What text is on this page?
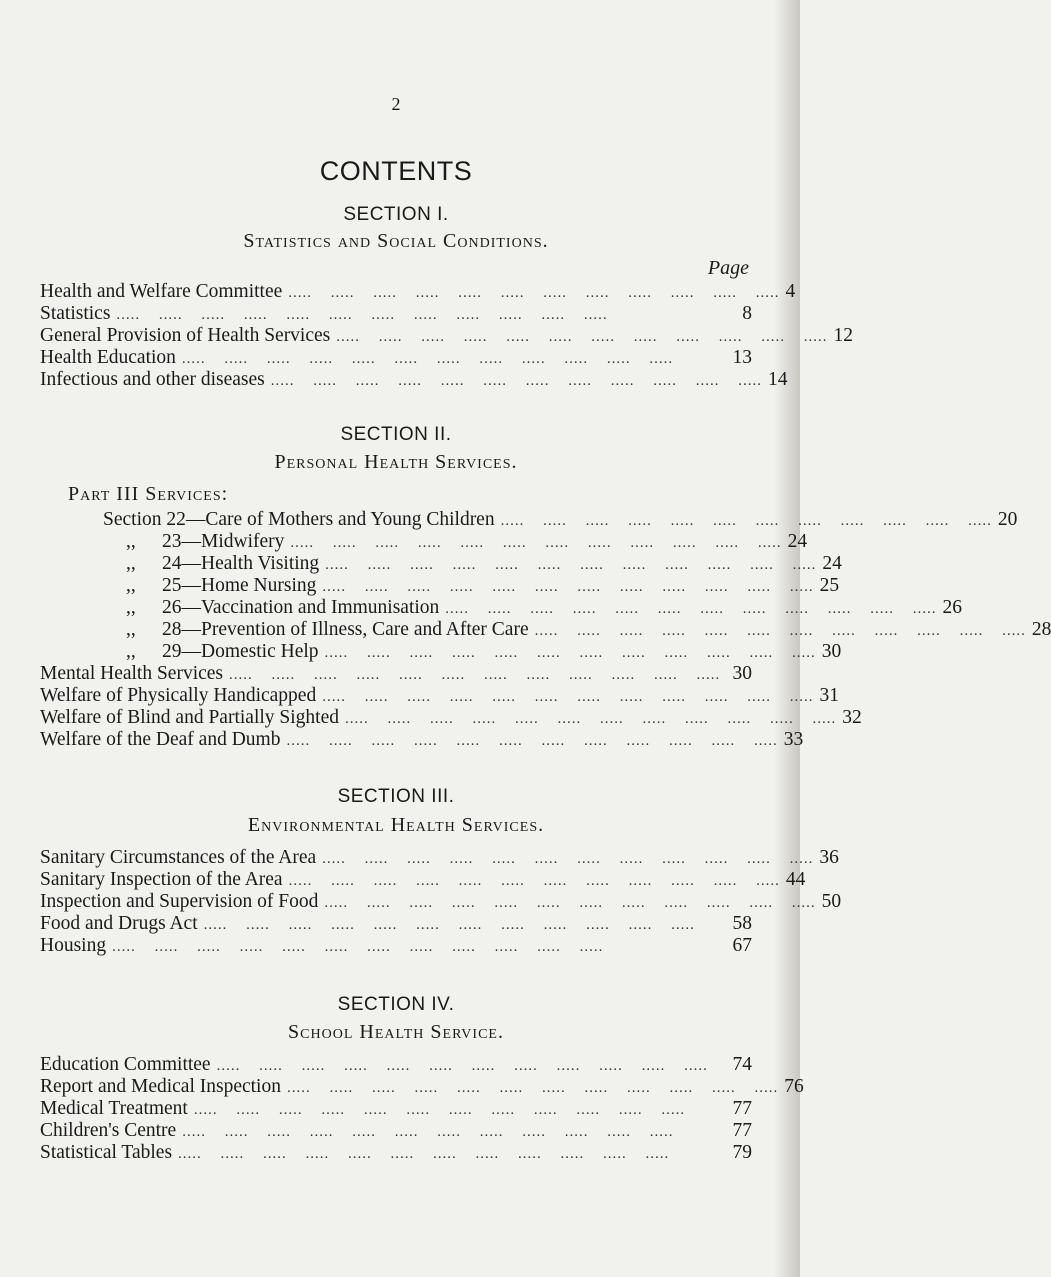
2
CONTENTS
SECTION I.
Statistics and Social Conditions.
Page
Health and Welfare Committee ..... ..... ..... ..... ..... ..... ..... ..... ..... ..... ..... ..... 4
Statistics ..... ..... ..... ..... ..... ..... ..... ..... ..... ..... ..... .....	8
General Provision of Health Services ..... ..... ..... ..... ..... ..... ..... ..... ..... ..... ..... ..... 12
Health Education ..... ..... ..... ..... ..... ..... ..... ..... ..... ..... ..... .....	13
Infectious and other diseases ..... ..... ..... ..... ..... ..... ..... ..... ..... ..... ..... ..... 14
SECTION II.
Personal Health Services.
Part III Services:
Section 22—Care of Mothers and Young Children ..... ..... ..... ..... ..... ..... ..... ..... ..... ..... ..... ..... 20
,, 23—Midwifery ..... ..... ..... ..... ..... ..... ..... ..... ..... ..... ..... ..... 24
,, 24—Health Visiting ..... ..... ..... ..... ..... ..... ..... ..... ..... ..... ..... ..... 24
,, 25—Home Nursing ..... ..... ..... ..... ..... ..... ..... ..... ..... ..... ..... ..... 25
,, 26—Vaccination and Immunisation ..... ..... ..... ..... ..... ..... ..... ..... ..... ..... ..... ..... 26
,, 28—Prevention of Illness, Care and After Care ..... ..... ..... ..... ..... ..... ..... ..... ..... ..... ..... ..... 28
,, 29—Domestic Help ..... ..... ..... ..... ..... ..... ..... ..... ..... ..... ..... ..... 30
Mental Health Services ..... ..... ..... ..... ..... ..... ..... ..... ..... ..... ..... ..... 30
Welfare of Physically Handicapped ..... ..... ..... ..... ..... ..... ..... ..... ..... ..... ..... ..... 31
Welfare of Blind and Partially Sighted ..... ..... ..... ..... ..... ..... ..... ..... ..... ..... ..... ..... 32
Welfare of the Deaf and Dumb ..... ..... ..... ..... ..... ..... ..... ..... ..... ..... ..... ..... 33
SECTION III.
Environmental Health Services.
Sanitary Circumstances of the Area ..... ..... ..... ..... ..... ..... ..... ..... ..... ..... ..... ..... 36
Sanitary Inspection of the Area ..... ..... ..... ..... ..... ..... ..... ..... ..... ..... ..... ..... 44
Inspection and Supervision of Food ..... ..... ..... ..... ..... ..... ..... ..... ..... ..... ..... ..... 50
Food and Drugs Act ..... ..... ..... ..... ..... ..... ..... ..... ..... ..... ..... .....	58
Housing ..... ..... ..... ..... ..... ..... ..... ..... ..... ..... ..... .....	67
SECTION IV.
School Health Service.
Education Committee ..... ..... ..... ..... ..... ..... ..... ..... ..... ..... ..... .....	74
Report and Medical Inspection ..... ..... ..... ..... ..... ..... ..... ..... ..... ..... ..... ..... 76
Medical Treatment ..... ..... ..... ..... ..... ..... ..... ..... ..... ..... ..... .....	77
Children's Centre ..... ..... ..... ..... ..... ..... ..... ..... ..... ..... ..... .....	77
Statistical Tables ..... ..... ..... ..... ..... ..... ..... ..... ..... ..... ..... .....	79
